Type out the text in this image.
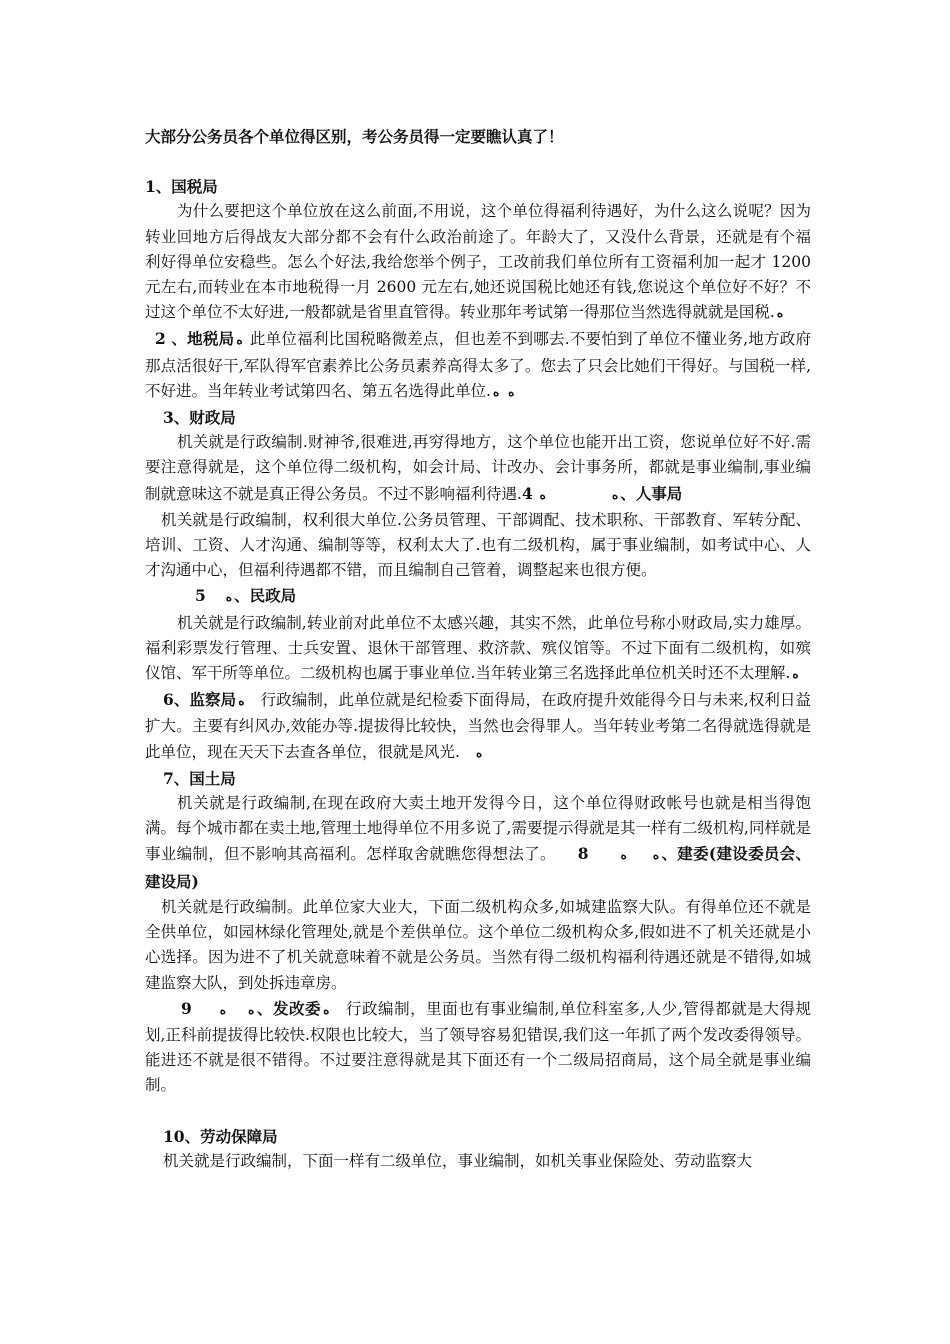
大部分公务员各个单位得区别，考公务员得一定要瞧认真了！

1、国税局

为什么要把这个单位放在这么前面,不用说，这个单位得福利待遇好，为什么这么说呢？因为转业回地方后得战友大部分都不会有什么政治前途了。年龄大了，又没什么背景，还就是有个福利好得单位安稳些。怎么个好法,我给您举个例子，工改前我们单位所有工资福利加一起才 1200 元左右,而转业在本市地税得一月 2600 元左右,她还说国税比她还有钱,您说这个单位好不好？不过这个单位不太好进,一般都就是省里直管得。转业那年考试第一得那位当然选得就就是国税. ه

2 、地税局 ه 此单位福利比国税略微差点，但也差不到哪去.不要怕到了单位不懂业务,地方政府那点活很好干,军队得军官素养比公务员素养高得太多了。您去了只会比她们干得好。与国税一样,不好进。当年转业考试第四名、第五名选得此单位. ه ه

3、财政局

机关就是行政编制.财神爷,很难进,再穷得地方，这个单位也能开出工资，您说单位好不好.需要注意得就是，这个单位得二级机构，如会计局、计改办、会计事务所，都就是事业编制,事业编制就意味这不就是真正得公务员。不过不影响福利待遇.4	هه	、人事局

机关就是行政编制，权利很大单位.公务员管理、干部调配、技术职称、干部教育、军转分配、培训、工资、人才沟通、编制等等，权利太大了.也有二级机构，属于事业编制，如考试中心、人才沟通中心，但福利待遇都不错，而且编制自己管着，调整起来也很方便。

5 ه 、民政局

机关就是行政编制,转业前对此单位不太感兴趣，其实不然，此单位号称小财政局,实力雄厚。福利彩票发行管理、士兵安置、退休干部管理、救济款、殡仪馆等。不过下面有二级机构，如殡仪馆、军干所等单位。二级机构也属于事业单位.当年转业第三名选择此单位机关时还不太理解. ه

6、监察局 ه 行政编制，此单位就是纪检委下面得局，在政府提升效能得今日与未来,权利日益扩大。主要有纠风办,效能办等.提拔得比较快，当然也会得罪人。当年转业考第二名得就选得就是此单位，现在天天下去查各单位，很就是风光. ه

7、国土局

机关就是行政编制,在现在政府大卖土地开发得今日，这个单位得财政帐号也就是相当得饱满。每个城市都在卖土地,管理土地得单位不用多说了,需要提示得就是其一样有二级机构,同样就是事业编制，但不影响其高福利。怎样取舍就瞧您得想法了。 8	هه 、建委(建设委员会、建设局)

机关就是行政编制。此单位家大业大，下面二级机构众多,如城建监察大队。有得单位还不就是全供单位，如园林绿化管理处,就是个差供单位。这个单位二级机构众多,假如进不了机关还就是小心选择。因为进不了机关就意味着不就是公务员。当然有得二级机构福利待遇还就是不错得,如城建监察大队，到处拆违章房。

9	هه 、发改委 ه 行政编制，里面也有事业编制,单位科室多,人少,管得都就是大得规划,正科前提拔得比较快.权限也比较大，当了领导容易犯错误,我们这一年抓了两个发改委得领导。能进还不就是很不错得。不过要注意得就是其下面还有一个二级局招商局，这个局全就是事业编制。

10、劳动保障局

机关就是行政编制，下面一样有二级单位，事业编制，如机关事业保险处、劳动监察大
